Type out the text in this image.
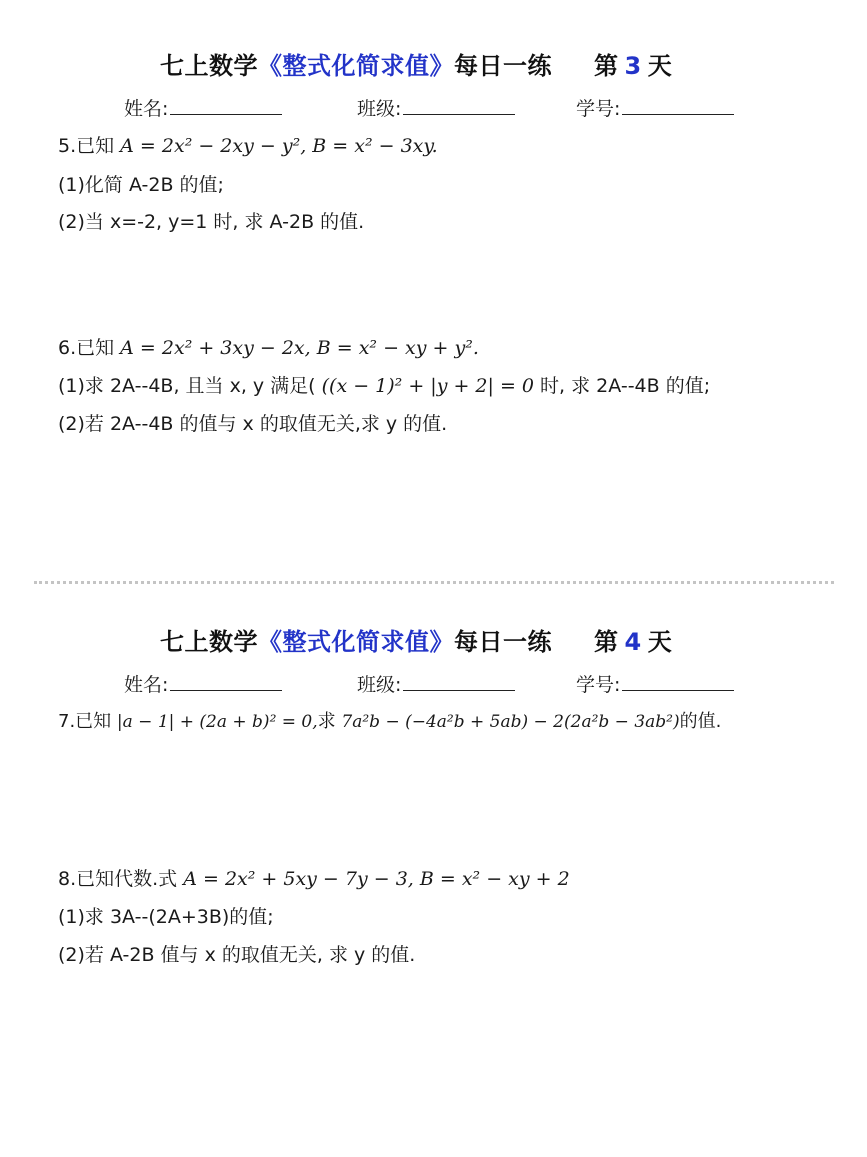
七上数学《整式化简求值》每日一练 第 3 天
姓名:	班级:	学号:
5.已知 A = 2x² − 2xy − y², B = x² − 3xy.
(1)化简 A-2B 的值;
(2)当 x=-2, y=1 时, 求 A-2B 的值.
6.已知 A = 2x² + 3xy − 2x, B = x² − xy + y².
(1)求 2A--4B, 且当 x, y 满足( ((x − 1)² + |y + 2| = 0 时, 求 2A--4B 的值;
(2)若 2A--4B 的值与 x 的取值无关,求 y 的值.
七上数学《整式化简求值》每日一练 第 4 天
姓名:	班级:	学号:
7.已知 |a − 1| + (2a + b)² = 0,求 7a²b − (−4a²b + 5ab) − 2(2a²b − 3ab²)的值.
8.已知代数.式 A = 2x² + 5xy − 7y − 3, B = x² − xy + 2
(1)求 3A--(2A+3B)的值;
(2)若 A-2B 值与 x 的取值无关, 求 y 的值.
